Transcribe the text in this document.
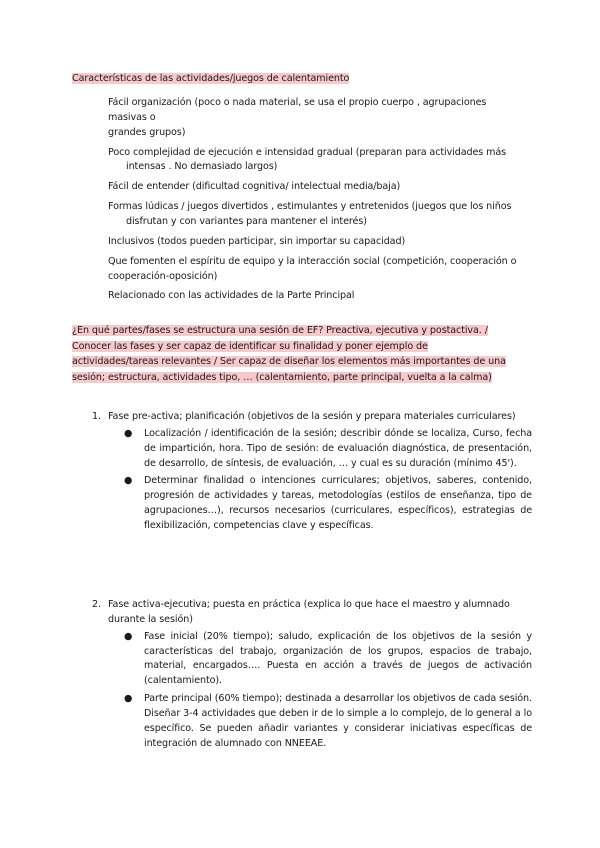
Características de las actividades/juegos de calentamiento
Fácil organización (poco o nada material, se usa el propio cuerpo , agrupaciones masivas o
grandes grupos)
Poco complejidad de ejecución e intensidad gradual (preparan para actividades más
intensas . No demasiado largos)
Fácil de entender (dificultad cognitiva/ intelectual media/baja)
Formas lúdicas / juegos divertidos , estimulantes y entretenidos (juegos que los niños
disfrutan y con variantes para mantener el interés)
Inclusivos (todos pueden participar, sin importar su capacidad)
Que fomenten el espíritu de equipo y la interacción social (competición, cooperación o
cooperación-oposición)
Relacionado con las actividades de la Parte Principal
¿En qué partes/fases se estructura una sesión de EF? Preactiva, ejecutiva y postactiva. /
Conocer las fases y ser capaz de identificar su finalidad y poner ejemplo de
actividades/tareas relevantes / Ser capaz de diseñar los elementos más importantes de una
sesión; estructura, actividades tipo, … (calentamiento, parte principal, vuelta a la calma)
1. Fase pre-activa; planificación (objetivos de la sesión y prepara materiales curriculares)
● Localización / identificación de la sesión; describir dónde se localiza, Curso, fecha de impartición, hora. Tipo de sesión: de evaluación diagnóstica, de presentación, de desarrollo, de síntesis, de evaluación, … y cual es su duración (mínimo 45').
● Determinar finalidad o intenciones curriculares; objetivos, saberes, contenido, progresión de actividades y tareas, metodologías (estilos de enseñanza, tipo de agrupaciones…), recursos necesarios (curriculares, específicos), estrategias de flexibilización, competencias clave y específicas.
2. Fase activa-ejecutiva; puesta en práctica (explica lo que hace el maestro y alumnado durante la sesión)
● Fase inicial (20% tiempo); saludo, explicación de los objetivos de la sesión y características del trabajo, organización de los grupos, espacios de trabajo, material, encargados…. Puesta en acción a través de juegos de activación (calentamiento).
● Parte principal (60% tiempo); destinada a desarrollar los objetivos de cada sesión. Diseñar 3-4 actividades que deben ir de lo simple a lo complejo, de lo general a lo específico. Se pueden añadir variantes y considerar iniciativas específicas de integración de alumnado con NNEEAE.
